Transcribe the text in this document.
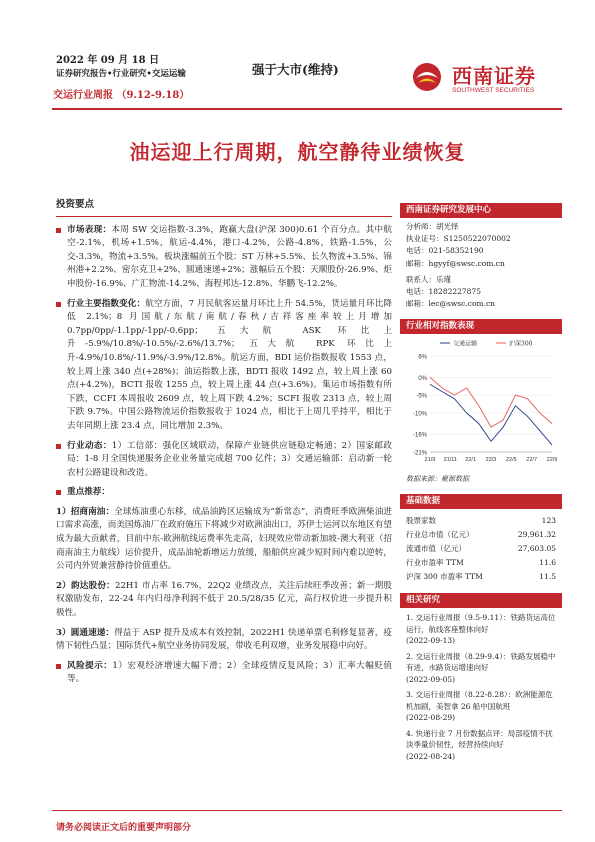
2022 年 09 月 18 日
证券研究报告•行业研究•交运运输
交运行业周报 （9.12-9.18）
强于大市(维持)	西南证券
SOUTHWEST SECURITIES
油运迎上行周期，航空静待业绩恢复
投资要点
市场表现：本周 SW 交运指数-3.3%，跑赢大盘(沪深 300)0.61 个百分点。其中航空-2.1%，机场+1.5%，航运-4.4%，港口-4.2%，公路-4.8%，铁路-1.5%，公交-3.3%，物流+3.5%。板块涨幅前五个股：ST 万林+5.5%、长久物流+3.5%、锦州港+2.2%、密尔克卫+2%、圆通速递+2%；涨幅后五个股：天顺股份-26.9%、炬申股份-16.9%、广汇物流-14.2%、海程邦达-12.8%、华鹏飞-12.2%。
行业主要指数变化：航空方面，7 月民航客运量月环比上升 54.5%，货运量月环比降低 2.1%；8 月国航/东航/南航/春秋/吉祥客座率较上月增加 0.7pp/0pp/-1.1pp/-1pp/-0.6pp；五大航 ASK 环比上升-5.9%/10.8%/-10.5%/-2.6%/13.7%；五大航 RPK 环比上升-4.9%/10.8%/-11.9%/-3.9%/12.8%。航运方面，BDI 运价指数报收 1553 点，较上周上涨 340 点(+28%)；油运指数上涨，BDTI 报收 1492 点，较上周上涨 60 点(+4.2%)，BCTI 报收 1255 点，较上周上涨 44 点(+3.6%)。集运市场指数有所下跌，CCFI 本周报收 2609 点，较上周下跌 4.2%；SCFI 报收 2313 点，较上周下跌 9.7%。中国公路物流运价指数报收于 1024 点，相比于上周几乎持平，相比于去年同期上涨 23.4 点，同比增加 2.3%。
行业动态：1）工信部：强化区域联动，保障产业链供应链稳定畅通；2）国家邮政局：1-8 月全国快递服务企业业务量完成超 700 亿件；3）交通运输部：启动新一轮农村公路建设和改造。
重点推荐：
1）招商南油：全球炼油重心东移，成品油跨区运输成为“新常态”，消费旺季欧洲柴油进口需求高涨，而美国炼油厂在政府施压下将减少对欧洲油出口，苏伊士运河以东地区有望成为最大贡献者，目前中东-欧洲航线运费率先走高，妇现效应带动新加坡-澳大利亚（招商南油主力航线）运价提升，成品油轮新增运力放缓，船舶供应减少短时间内难以逆转，公司内外贸兼营静待价值重估。
2）韵达股份：22H1 市占率 16.7%，22Q2 业绩改点，关注后续旺季改善；新一期股权激励发布，22-24 年内归母净利润不低于 20.5/28/35 亿元，高行权价进一步提升积极性。
3）圆通速递：得益于 ASP 提升及成本有效控制，2022H1 快递单票毛利修复显著，疫情下韧性凸显；国际货代+航空业务协同发展，带收毛利双增，业务发展稳中向好。
风险提示：1）宏观经济增速大幅下滑；2）全球疫情反复风险；3）汇率大幅贬值等。
西南证券研究发展中心
分析师：胡光怿
执业证号：S1250522070002
电话：021-58352190
邮箱：hgyyf@swsc.com.cn
联系人：乐瑾
电话：18282227875
邮箱：lec@swsc.com.cn
行业相对指数表现
6%
0%
-5%
-10%
-16%
-21%
21/9 21/11 22/1 22/3 22/5 22/7 22/9
交通运输	沪深300
数据来源：聚源数据
基础数据
股票家数	123
行业总市值（亿元）	29,961.32
流通市值（亿元）	27,603.05
行业市盈率 TTM	11.6
沪深 300 市盈率 TTM	11.5
相关研究
1. 交运行业周报（9.5-9.11）：铁路货运高位运行，航线客座整体向好
(2022-09-13)
2. 交运行业周报（8.29-9.4）：铁路发展稳中有进，水路货运增速向好
(2022-09-05)
3. 交运行业周报（8.22-8.28）：欧洲能源危机加剧，美智拿 26 船中国航班
(2022-08-29)
4. 快递行业 7 月份数据点评：局部疫情不扰淡季量价韧性，经营持续向好
(2022-08-24)
请务必阅读正文后的重要声明部分
